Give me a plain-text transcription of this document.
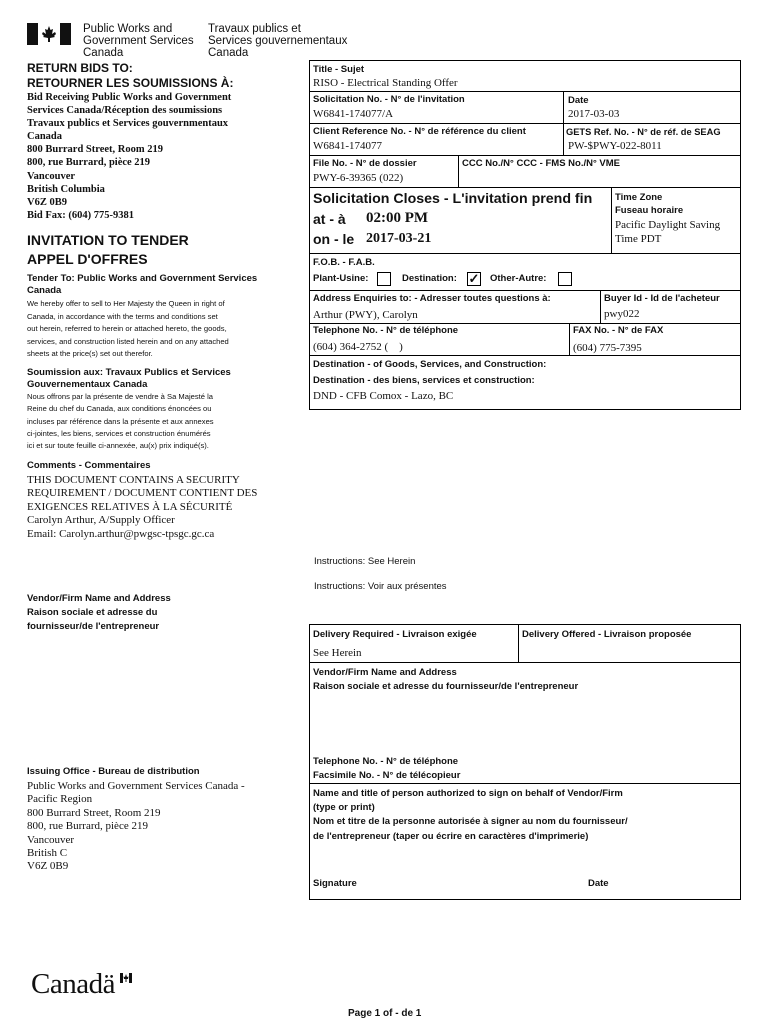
Public Works and
Government Services
Canada
Travaux publics et
Services gouvernementaux
Canada
RETURN BIDS TO:
RETOURNER LES SOUMISSIONS À:
Bid Receiving Public Works and Government
Services Canada/Réception des soumissions
Travaux publics et Services gouvernmentaux
Canada
800 Burrard Street, Room 219
800, rue Burrard, pièce 219
Vancouver
British Columbia
V6Z 0B9
Bid Fax: (604) 775-9381
INVITATION TO TENDER
APPEL D'OFFRES
Tender To: Public Works and Government Services
Canada
We hereby offer to sell to Her Majesty the Queen in right of
Canada, in accordance with the terms and conditions set
out herein, referred to herein or attached hereto, the goods,
services, and construction listed herein and on any attached
sheets at the price(s) set out therefor.
Soumission aux: Travaux Publics et Services
Gouvernementaux Canada
Nous offrons par la présente de vendre à Sa Majesté la
Reine du chef du Canada, aux conditions énoncées ou
incluses par référence dans la présente et aux annexes
ci-jointes, les biens, services et construction énumérés
ici et sur toute feuille ci-annexée, au(x) prix indiqué(s).
Comments - Commentaires
THIS DOCUMENT CONTAINS A SECURITY
REQUIREMENT / DOCUMENT CONTIENT DES
EXIGENCES RELATIVES À LA SÉCURITÉ
Carolyn Arthur, A/Supply Officer
Email: Carolyn.arthur@pwgsc-tpsgc.gc.ca
Vendor/Firm Name and Address
Raison sociale et adresse du
fournisseur/de l'entrepreneur
Issuing Office - Bureau de distribution
Public Works and Government Services Canada -
Pacific Region
800 Burrard Street, Room 219
800, rue Burrard, pièce 219
Vancouver
British C
V6Z 0B9
Title - Sujet
RISO - Electrical Standing Offer
Solicitation No. - N° de l'invitation
W6841-174077/A
Date
2017-03-03
Client Reference No. - N° de référence du client
W6841-174077
GETS Ref. No. - N° de réf. de SEAG
PW-$PWY-022-8011
File No. - N° de dossier
PWY-6-39365 (022)
CCC No./N° CCC - FMS No./N° VME
Solicitation Closes - L'invitation prend fin
at - à 02:00 PM
on - le 2017-03-21
Time Zone
Fuseau horaire
Pacific Daylight Saving
Time PDT
F.O.B. - F.A.B.
Plant-Usine:	Destination: ✓ Other-Autre:
Address Enquiries to: - Adresser toutes questions à:
Arthur (PWY), Carolyn
Buyer Id - Id de l'acheteur
pwy022
Telephone No. - N° de téléphone
(604) 364-2752 (    )
FAX No. - N° de FAX
(604) 775-7395
Destination - of Goods, Services, and Construction:
Destination - des biens, services et construction:
DND - CFB Comox - Lazo, BC
Instructions: See Herein
Instructions: Voir aux présentes
Delivery Required - Livraison exigée
See Herein
Delivery Offered - Livraison proposée
Vendor/Firm Name and Address
Raison sociale et adresse du fournisseur/de l'entrepreneur
Telephone No. - N° de téléphone
Facsimile No. - N° de télécopieur
Name and title of person authorized to sign on behalf of Vendor/Firm
(type or print)
Nom et titre de la personne autorisée à signer au nom du fournisseur/
de l'entrepreneur (taper ou écrire en caractères d'imprimerie)
Signature	Date
Canadä
Page 1 of - de 1
